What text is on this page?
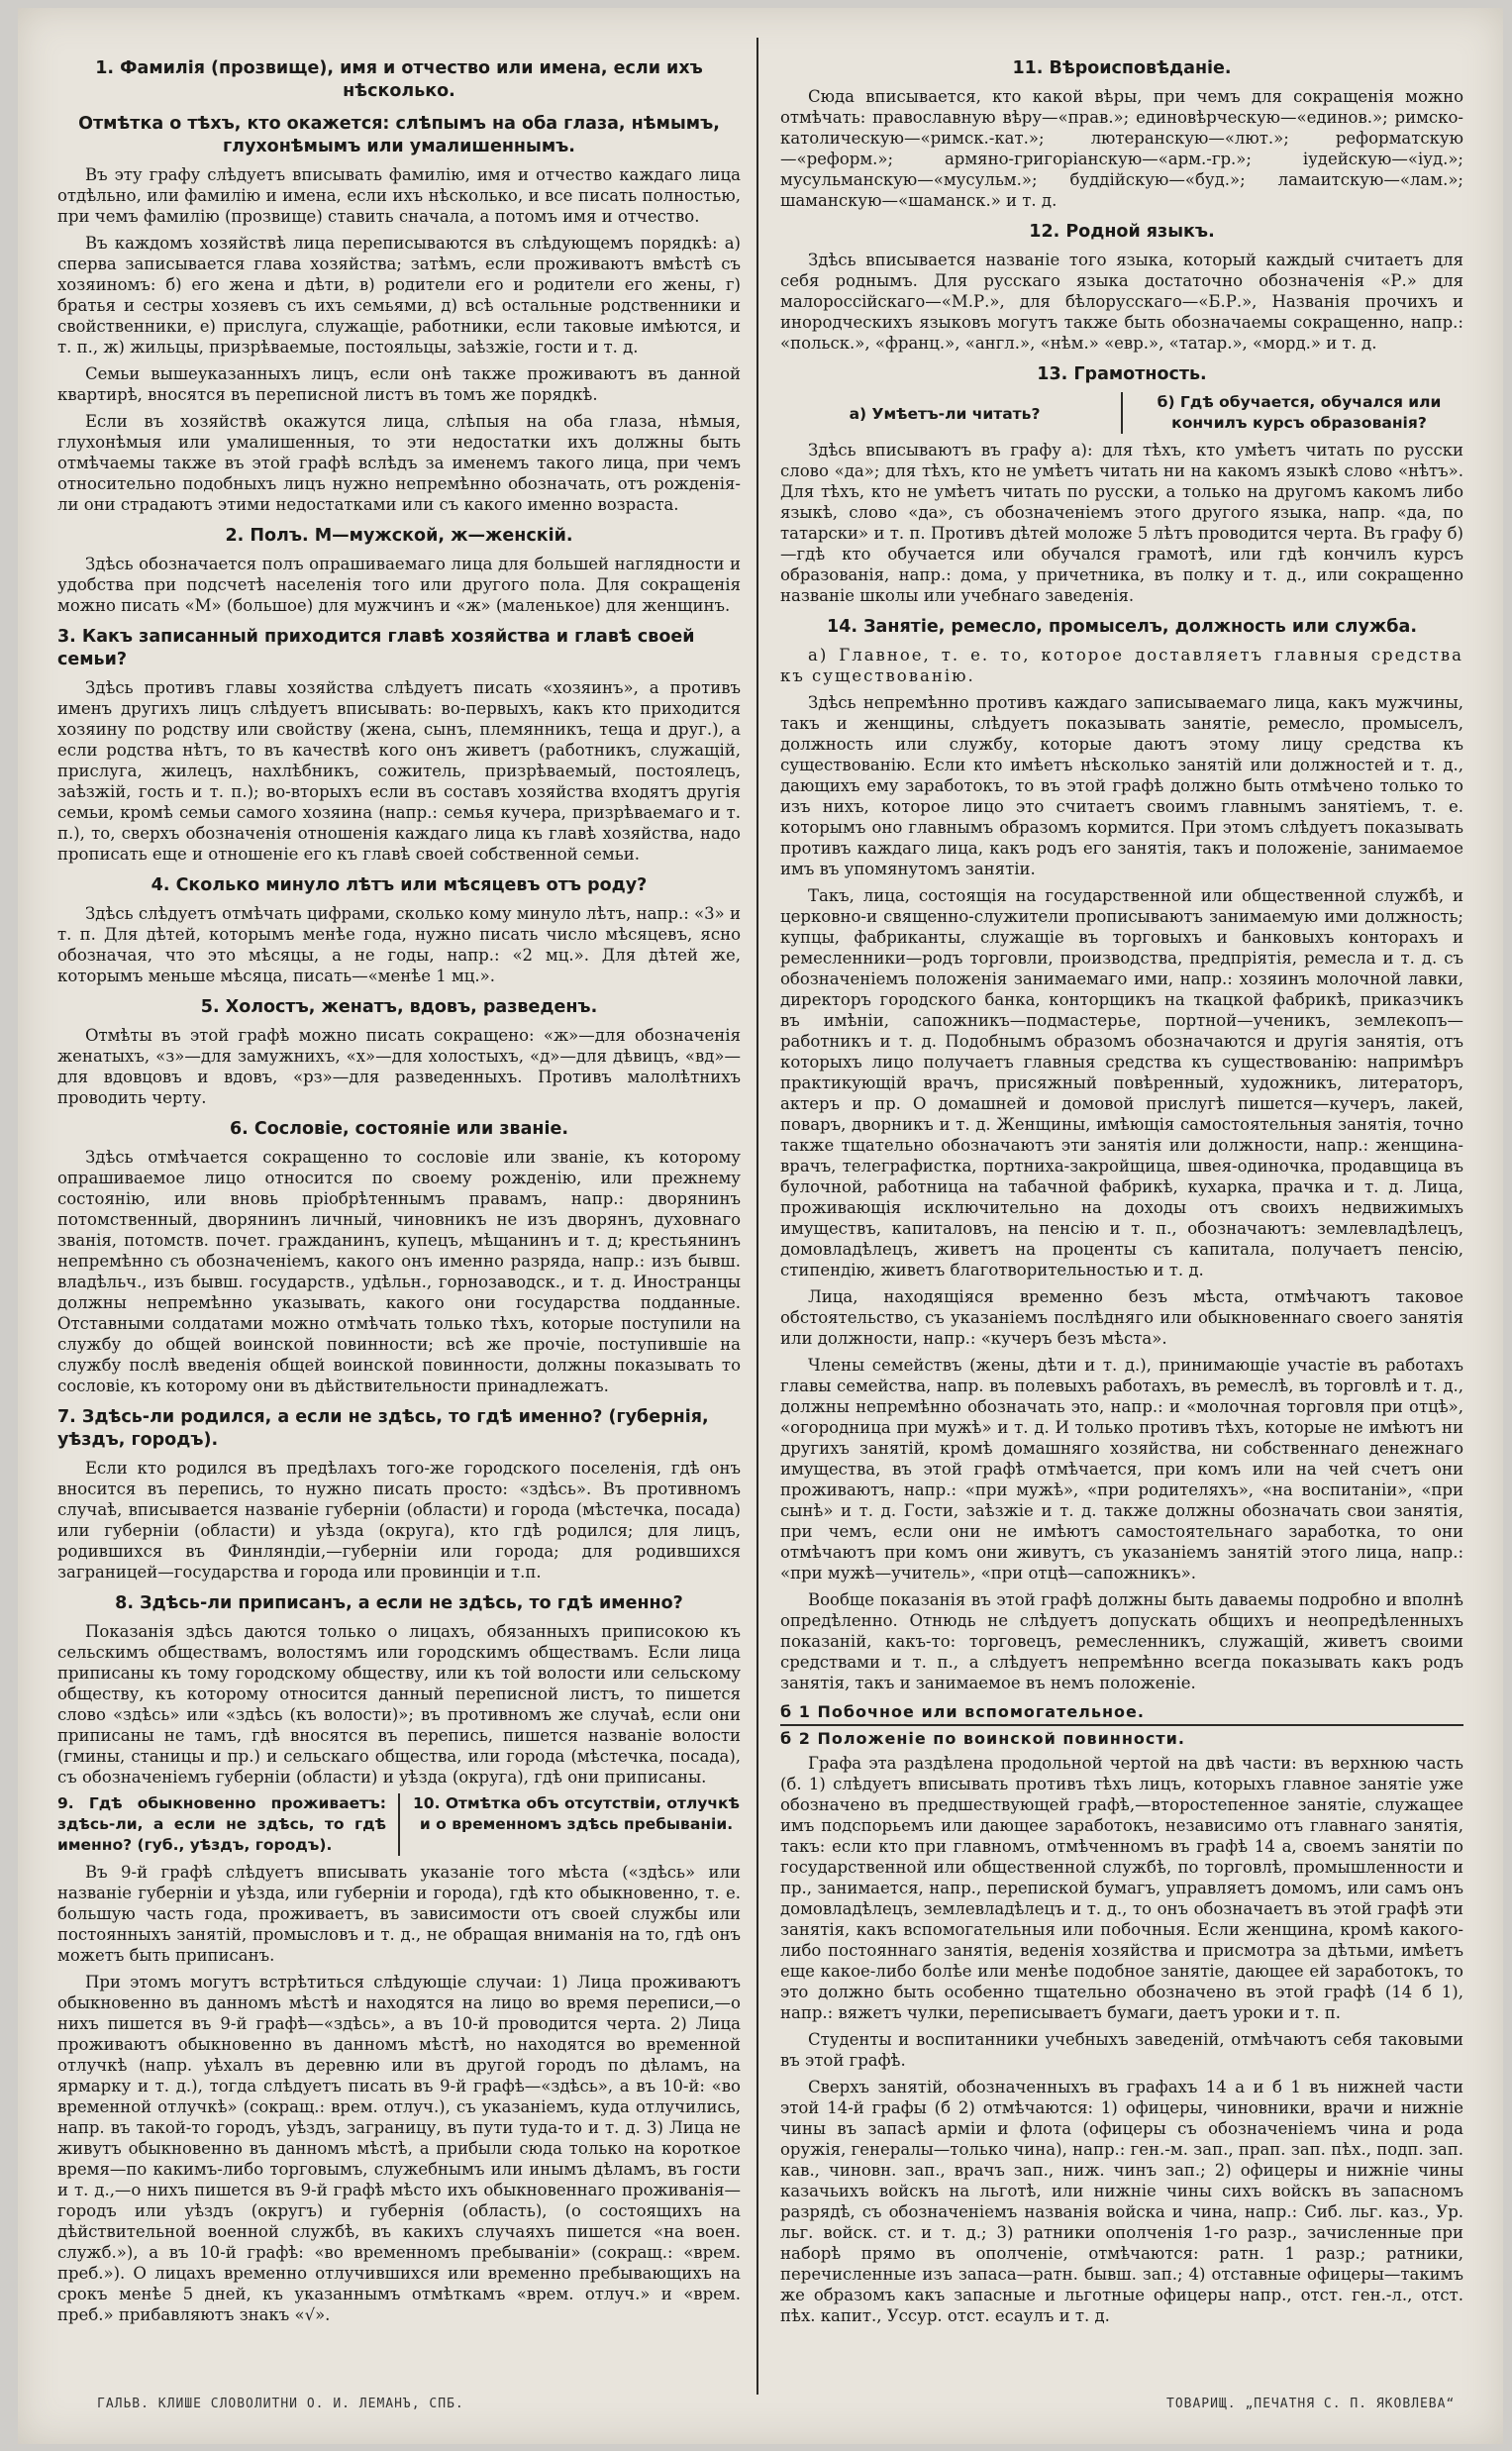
1. Фамилія (прозвище), имя и отчество или имена, если ихъ нѣсколько.
Отмѣтка о тѣхъ, кто окажется: слѣпымъ на оба глаза, нѣмымъ, глухонѣмымъ или умалишеннымъ.

Въ эту графу слѣдуетъ вписывать фамилію, имя и отчество каждаго лица отдѣльно, или фамилію и имена, если ихъ нѣсколько, и все писать полностью, при чемъ фамилію (прозвище) ставить сначала, а потомъ имя и отчество.

Въ каждомъ хозяйствѣ лица переписываются въ слѣдующемъ порядкѣ: а) сперва записывается глава хозяйства; затѣмъ, если проживаютъ вмѣстѣ съ хозяиномъ: б) его жена и дѣти, в) родители его и родители его жены, г) братья и сестры хозяевъ съ ихъ семьями, д) всѣ остальные родственники и свойственники, е) прислуга, служащіе, работники, если таковые имѣются, и т. п., ж) жильцы, призрѣваемые, постояльцы, заѣзжіе, гости и т. д.

Семьи вышеуказанныхъ лицъ, если онѣ также проживаютъ въ данной квартирѣ, вносятся въ переписной листъ въ томъ же порядкѣ.

Если въ хозяйствѣ окажутся лица, слѣпыя на оба глаза, нѣмыя, глухонѣмыя или умалишенныя, то эти недостатки ихъ должны быть отмѣчаемы также въ этой графѣ вслѣдъ за именемъ такого лица, при чемъ относительно подобныхъ лицъ нужно непремѣнно обозначать, отъ рожденія-ли они страдаютъ этими недостатками или съ какого именно возраста.

2. Полъ. М—мужской, ж—женскій.

Здѣсь обозначается полъ опрашиваемаго лица для большей наглядности и удобства при подсчетѣ населенія того или другого пола. Для сокращенія можно писать «М» (большое) для мужчинъ и «ж» (маленькое) для женщинъ.

3. Какъ записанный приходится главѣ хозяйства и главѣ своей семьи?

Здѣсь противъ главы хозяйства слѣдуетъ писать «хозяинъ», а противъ именъ другихъ лицъ слѣдуетъ вписывать: во-первыхъ, какъ кто приходится хозяину по родству или свойству (жена, сынъ, племянникъ, теща и друг.), а если родства нѣтъ, то въ качествѣ кого онъ живетъ (работникъ, служащій, прислуга, жилецъ, нахлѣбникъ, сожитель, призрѣваемый, постоялецъ, заѣзжій, гость и т. п.); во-вторыхъ если въ составъ хозяйства входятъ другія семьи, кромѣ семьи самого хозяина (напр.: семья кучера, призрѣваемаго и т. п.), то, сверхъ обозначенія отношенія каждаго лица къ главѣ хозяйства, надо прописать еще и отношеніе его къ главѣ своей собственной семьи.

4. Сколько минуло лѣтъ или мѣсяцевъ отъ роду?

Здѣсь слѣдуетъ отмѣчать цифрами, сколько кому минуло лѣтъ, напр.: «3» и т. п. Для дѣтей, которымъ менѣе года, нужно писать число мѣсяцевъ, ясно обозначая, что это мѣсяцы, а не годы, напр.: «2 мц.». Для дѣтей же, которымъ меньше мѣсяца, писать—«менѣе 1 мц.».

5. Холостъ, женатъ, вдовъ, разведенъ.

Отмѣты въ этой графѣ можно писать сокращено: «ж»—для обозначенія женатыхъ, «з»—для замужнихъ, «х»—для холостыхъ, «д»—для дѣвицъ, «вд»—для вдовцовъ и вдовъ, «рз»—для разведенныхъ. Противъ малолѣтнихъ проводить черту.

6. Сословіе, состояніе или званіе.

Здѣсь отмѣчается сокращенно то сословіе или званіе, къ которому опрашиваемое лицо относится по своему рожденію, или прежнему состоянію, или вновь пріобрѣтеннымъ правамъ, напр.: дворянинъ потомственный, дворянинъ личный, чиновникъ не изъ дворянъ, духовнаго званія, потомств. почет. гражданинъ, купецъ, мѣщанинъ и т. д; крестьянинъ непремѣнно съ обозначеніемъ, какого онъ именно разряда, напр.: изъ бывш. владѣльч., изъ бывш. государств., удѣльн., горнозаводск., и т. д. Иностранцы должны непремѣнно указывать, какого они государства подданные. Отставными солдатами можно отмѣчать только тѣхъ, которые поступили на службу до общей воинской повинности; всѣ же прочіе, поступившіе на службу послѣ введенія общей воинской повинности, должны показывать то сословіе, къ которому они въ дѣйствительности принадлежатъ.

7. Здѣсь-ли родился, а если не здѣсь, то гдѣ именно? (губернія, уѣздъ, городъ).

Если кто родился въ предѣлахъ того-же городского поселенія, гдѣ онъ вносится въ перепись, то нужно писать просто: «здѣсь». Въ противномъ случаѣ, вписывается названіе губерніи (области) и города (мѣстечка, посада) или губерніи (области) и уѣзда (округа), кто гдѣ родился; для лицъ, родившихся въ Финляндіи,—губерніи или города; для родившихся заграницей—государства и города или провинціи и т.п.

8. Здѣсь-ли приписанъ, а если не здѣсь, то гдѣ именно?

Показанія здѣсь даются только о лицахъ, обязанныхъ приписокою къ сельскимъ обществамъ, волостямъ или городскимъ обществамъ. Если лица приписаны къ тому городскому обществу, или къ той волости или сельскому обществу, къ которому относится данный переписной листъ, то пишется слово «здѣсь» или «здѣсь (къ волости)»; въ противномъ же случаѣ, если они приписаны не тамъ, гдѣ вносятся въ перепись, пишется названіе волости (гмины, станицы и пр.) и сельскаго общества, или города (мѣстечка, посада), съ обозначеніемъ губерніи (области) и уѣзда (округа), гдѣ они приписаны.

9. Гдѣ обыкновенно проживаетъ: здѣсь-ли, а если не здѣсь, то гдѣ именно? (губ., уѣздъ, городъ).
10. Отмѣтка объ отсутствіи, отлучкѣ и о временномъ здѣсь пребываніи.

Въ 9-й графѣ слѣдуетъ вписывать указаніе того мѣста («здѣсь» или названіе губерніи и уѣзда, или губерніи и города), гдѣ кто обыкновенно, т. е. большую часть года, проживаетъ, въ зависимости отъ своей службы или постоянныхъ занятій, промысловъ и т. д., не обращая вниманія на то, гдѣ онъ можетъ быть приписанъ.

При этомъ могутъ встрѣтиться слѣдующіе случаи: 1) Лица проживаютъ обыкновенно въ данномъ мѣстѣ и находятся на лицо во время переписи,—о нихъ пишется въ 9-й графѣ—«здѣсь», а въ 10-й проводится черта. 2) Лица проживаютъ обыкновенно въ данномъ мѣстѣ, но находятся во временной отлучкѣ (напр. уѣхалъ въ деревню или въ другой городъ по дѣламъ, на ярмарку и т. д.), тогда слѣдуетъ писать въ 9-й графѣ—«здѣсь», а въ 10-й: «во временной отлучкѣ» (сокращ.: врем. отлуч.), съ указаніемъ, куда отлучились, напр. въ такой-то городъ, уѣздъ, заграницу, въ пути туда-то и т. д. 3) Лица не живутъ обыкновенно въ данномъ мѣстѣ, а прибыли сюда только на короткое время—по какимъ-либо торговымъ, служебнымъ или инымъ дѣламъ, въ гости и т. д.,—о нихъ пишется въ 9-й графѣ мѣсто ихъ обыкновеннаго проживанія—городъ или уѣздъ (округъ) и губернія (область), (о состоящихъ на дѣйствительной военной службѣ, въ какихъ случаяхъ пишется «на воен. служб.»), а въ 10-й графѣ: «во временномъ пребываніи» (сокращ.: «врем. преб.»). О лицахъ временно отлучившихся или временно пребывающихъ на срокъ менѣе 5 дней, къ указаннымъ отмѣткамъ «врем. отлуч.» и «врем. преб.» прибавляютъ знакъ «√».

11. Вѣроисповѣданіе.

Сюда вписывается, кто какой вѣры, при чемъ для сокращенія можно отмѣчать: православную вѣру—«прав.»; единовѣрческую—«единов.»; римско-католическую—«римск.-кат.»; лютеранскую—«лют.»; реформатскую—«реформ.»; армяно-григоріанскую—«арм.-гр.»; іудейскую—«іуд.»; мусульманскую—«мусульм.»; буддійскую—«буд.»; ламаитскую—«лам.»; шаманскую—«шаманск.» и т. д.

12. Родной языкъ.

Здѣсь вписывается названіе того языка, который каждый считаетъ для себя роднымъ. Для русскаго языка достаточно обозначенія «Р.» для малороссійскаго—«М.Р.», для бѣлорусскаго—«Б.Р.», Названія прочихъ и инородческихъ языковъ могутъ также быть обозначаемы сокращенно, напр.: «польск.», «франц.», «англ.», «нѣм.» «евр.», «татар.», «морд.» и т. д.

13. Грамотность.
а) Умѣетъ-ли читать?
б) Гдѣ обучается, обучался или кончилъ курсъ образованія?

Здѣсь вписываютъ въ графу а): для тѣхъ, кто умѣетъ читать по русски слово «да»; для тѣхъ, кто не умѣетъ читать ни на какомъ языкѣ слово «нѣтъ». Для тѣхъ, кто не умѣетъ читать по русски, а только на другомъ какомъ либо языкѣ, слово «да», съ обозначеніемъ этого другого языка, напр. «да, по татарски» и т. п. Противъ дѣтей моложе 5 лѣтъ проводится черта. Въ графу б)—гдѣ кто обучается или обучался грамотѣ, или гдѣ кончилъ курсъ образованія, напр.: дома, у причетника, въ полку и т. д., или сокращенно названіе школы или учебнаго заведенія.

14. Занятіе, ремесло, промыселъ, должность или служба.

а) Главное, т. е. то, которое доставляетъ главныя средства къ существованію.

Здѣсь непремѣнно противъ каждаго записываемаго лица, какъ мужчины, такъ и женщины, слѣдуетъ показывать занятіе, ремесло, промыселъ, должность или службу, которые даютъ этому лицу средства къ существованію. Если кто имѣетъ нѣсколько занятій или должностей и т. д., дающихъ ему заработокъ, то въ этой графѣ должно быть отмѣчено только то изъ нихъ, которое лицо это считаетъ своимъ главнымъ занятіемъ, т. е. которымъ оно главнымъ образомъ кормится. При этомъ слѣдуетъ показывать противъ каждаго лица, какъ родъ его занятія, такъ и положеніе, занимаемое имъ въ упомянутомъ занятіи.

Такъ, лица, состоящія на государственной или общественной службѣ, и церковно-и священно-служители прописываютъ занимаемую ими должность; купцы, фабриканты, служащіе въ торговыхъ и банковыхъ конторахъ и ремесленники—родъ торговли, производства, предпріятія, ремесла и т. д. съ обозначеніемъ положенія занимаемаго ими, напр.: хозяинъ молочной лавки, директоръ городского банка, конторщикъ на ткацкой фабрикѣ, приказчикъ въ имѣніи, сапожникъ—подмастерье, портной—ученикъ, землекопъ—работникъ и т. д. Подобнымъ образомъ обозначаются и другія занятія, отъ которыхъ лицо получаетъ главныя средства къ существованію: напримѣръ практикующій врачъ, присяжный повѣренный, художникъ, литераторъ, актеръ и пр. О домашней и домовой прислугѣ пишется—кучеръ, лакей, поваръ, дворникъ и т. д. Женщины, имѣющія самостоятельныя занятія, точно также тщательно обозначаютъ эти занятія или должности, напр.: женщина-врачъ, телеграфистка, портниха-закройщица, швея-одиночка, продавщица въ булочной, работница на табачной фабрикѣ, кухарка, прачка и т. д. Лица, проживающія исключительно на доходы отъ своихъ недвижимыхъ имуществъ, капиталовъ, на пенсію и т. п., обозначаютъ: землевладѣлецъ, домовладѣлецъ, живетъ на проценты съ капитала, получаетъ пенсію, стипендію, живетъ благотворительностью и т. д.

Лица, находящіяся временно безъ мѣста, отмѣчаютъ таковое обстоятельство, съ указаніемъ послѣдняго или обыкновеннаго своего занятія или должности, напр.: «кучеръ безъ мѣста».

Члены семействъ (жены, дѣти и т. д.), принимающіе участіе въ работахъ главы семейства, напр. въ полевыхъ работахъ, въ ремеслѣ, въ торговлѣ и т. д., должны непремѣнно обозначать это, напр.: и «молочная торговля при отцѣ», «огородница при мужѣ» и т. д. И только противъ тѣхъ, которые не имѣютъ ни другихъ занятій, кромѣ домашняго хозяйства, ни собственнаго денежнаго имущества, въ этой графѣ отмѣчается, при комъ или на чей счетъ они проживаютъ, напр.: «при мужѣ», «при родителяхъ», «на воспитаніи», «при сынѣ» и т. д. Гости, заѣзжіе и т. д. также должны обозначать свои занятія, при чемъ, если они не имѣютъ самостоятельнаго заработка, то они отмѣчаютъ при комъ они живутъ, съ указаніемъ занятій этого лица, напр.: «при мужѣ—учитель», «при отцѣ—сапожникъ».

Вообще показанія въ этой графѣ должны быть даваемы подробно и вполнѣ опредѣленно. Отнюдь не слѣдуетъ допускать общихъ и неопредѣленныхъ показаній, какъ-то: торговецъ, ремесленникъ, служащій, живетъ своими средствами и т. п., а слѣдуетъ непремѣнно всегда показывать какъ родъ занятія, такъ и занимаемое въ немъ положеніе.

б 1 Побочное или вспомогательное.
б 2 Положеніе по воинской повинности.

Графа эта раздѣлена продольной чертой на двѣ части: въ верхнюю часть (б. 1) слѣдуетъ вписывать противъ тѣхъ лицъ, которыхъ главное занятіе уже обозначено въ предшествующей графѣ,—второстепенное занятіе, служащее имъ подспорьемъ или дающее заработокъ, независимо отъ главнаго занятія, такъ: если кто при главномъ, отмѣченномъ въ графѣ 14 а, своемъ занятіи по государственной или общественной службѣ, по торговлѣ, промышленности и пр., занимается, напр., перепиской бумагъ, управляетъ домомъ, или самъ онъ домовладѣлецъ, землевладѣлецъ и т. д., то онъ обозначаетъ въ этой графѣ эти занятія, какъ вспомогательныя или побочныя. Если женщина, кромѣ какого-либо постояннаго занятія, веденія хозяйства и присмотра за дѣтьми, имѣетъ еще какое-либо болѣе или менѣе подобное занятіе, дающее ей заработокъ, то это должно быть особенно тщательно обозначено въ этой графѣ (14 б 1), напр.: вяжетъ чулки, переписываетъ бумаги, даетъ уроки и т. п.

Студенты и воспитанники учебныхъ заведеній, отмѣчаютъ себя таковыми въ этой графѣ.

Сверхъ занятій, обозначенныхъ въ графахъ 14 а и б 1 въ нижней части этой 14-й графы (б 2) отмѣчаются: 1) офицеры, чиновники, врачи и нижніе чины въ запасѣ арміи и флота (офицеры съ обозначеніемъ чина и рода оружія, генералы—только чина), напр.: ген.-м. зап., прап. зап. пѣх., подп. зап. кав., чиновн. зап., врачъ зап., ниж. чинъ зап.; 2) офицеры и нижніе чины казачьихъ войскъ на льготѣ, или нижніе чины сихъ войскъ въ запасномъ разрядѣ, съ обозначеніемъ названія войска и чина, напр.: Сиб. льг. каз., Ур. льг. войск. ст. и т. д.; 3) ратники ополченія 1-го разр., зачисленные при наборѣ прямо въ ополченіе, отмѣчаются: ратн. 1 разр.; ратники, перечисленные изъ запаса—ратн. бывш. зап.; 4) отставные офицеры—такимъ же образомъ какъ запасные и льготные офицеры напр., отст. ген.-л., отст. пѣх. капит., Уссур. отст. есаулъ и т. д.

ГАЛЬВ. КЛИШЕ СЛОВОЛИТНИ О. И. ЛЕМАНЪ, СПБ.	ТОВАРИЩ. „ПЕЧАТНЯ С. П. ЯКОВЛЕВА“
